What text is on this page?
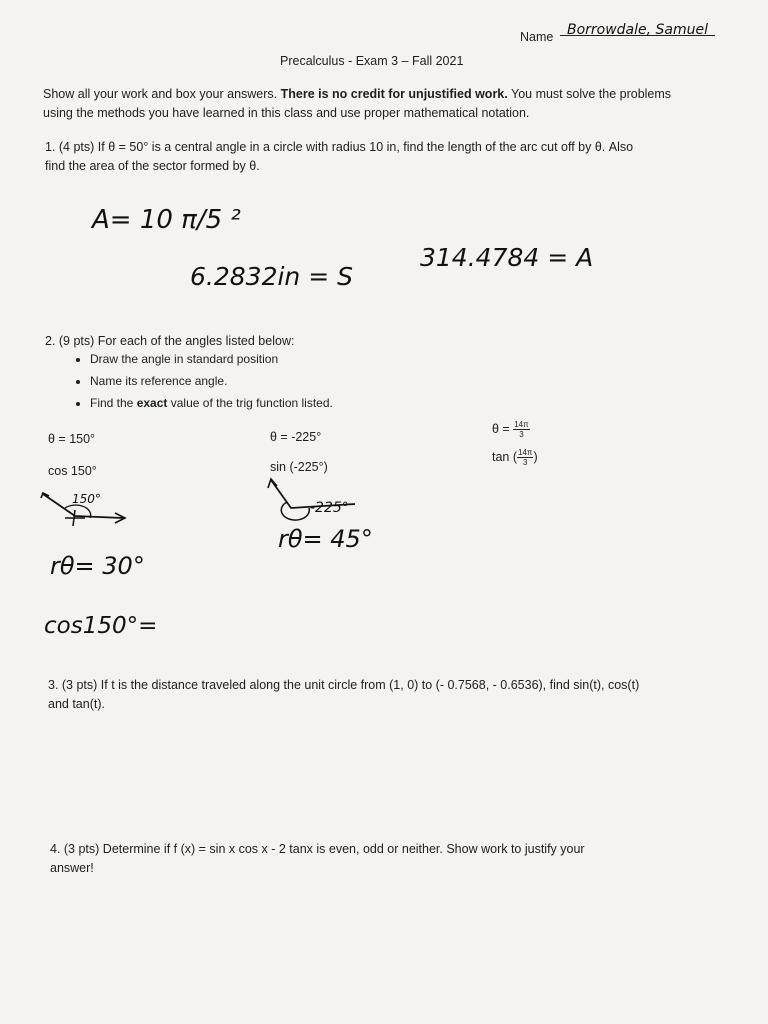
Name Borrowdale, Samuel
Precalculus - Exam 3 – Fall 2021
Show all your work and box your answers. There is no credit for unjustified work. You must solve the problems using the methods you have learned in this class and use proper mathematical notation.
1. (4 pts) If θ = 50° is a central angle in a circle with radius 10 in, find the length of the arc cut off by θ. Also
find the area of the sector formed by θ.
A= 10 π/5 ²
6.2832in = S
314.4784 = A
2. (9 pts) For each of the angles listed below:
• Draw the angle in standard position
• Name its reference angle.
• Find the exact value of the trig function listed.
θ = 150°
cos 150°
θ = -225°
sin (-225°)
$\theta = \frac{14\pi}{3}$
tan ( $\frac{14\pi}{3}$ )
150°
-225°
rθ= 30°
rθ= 45°
cos150°=
3. (3 pts) If t is the distance traveled along the unit circle from (1, 0) to (- 0.7568, - 0.6536), find sin(t), cos(t)
and tan(t).
4. (3 pts) Determine if f (x) = sin x cos x - 2 tanx is even, odd or neither. Show work to justify your
answer!
